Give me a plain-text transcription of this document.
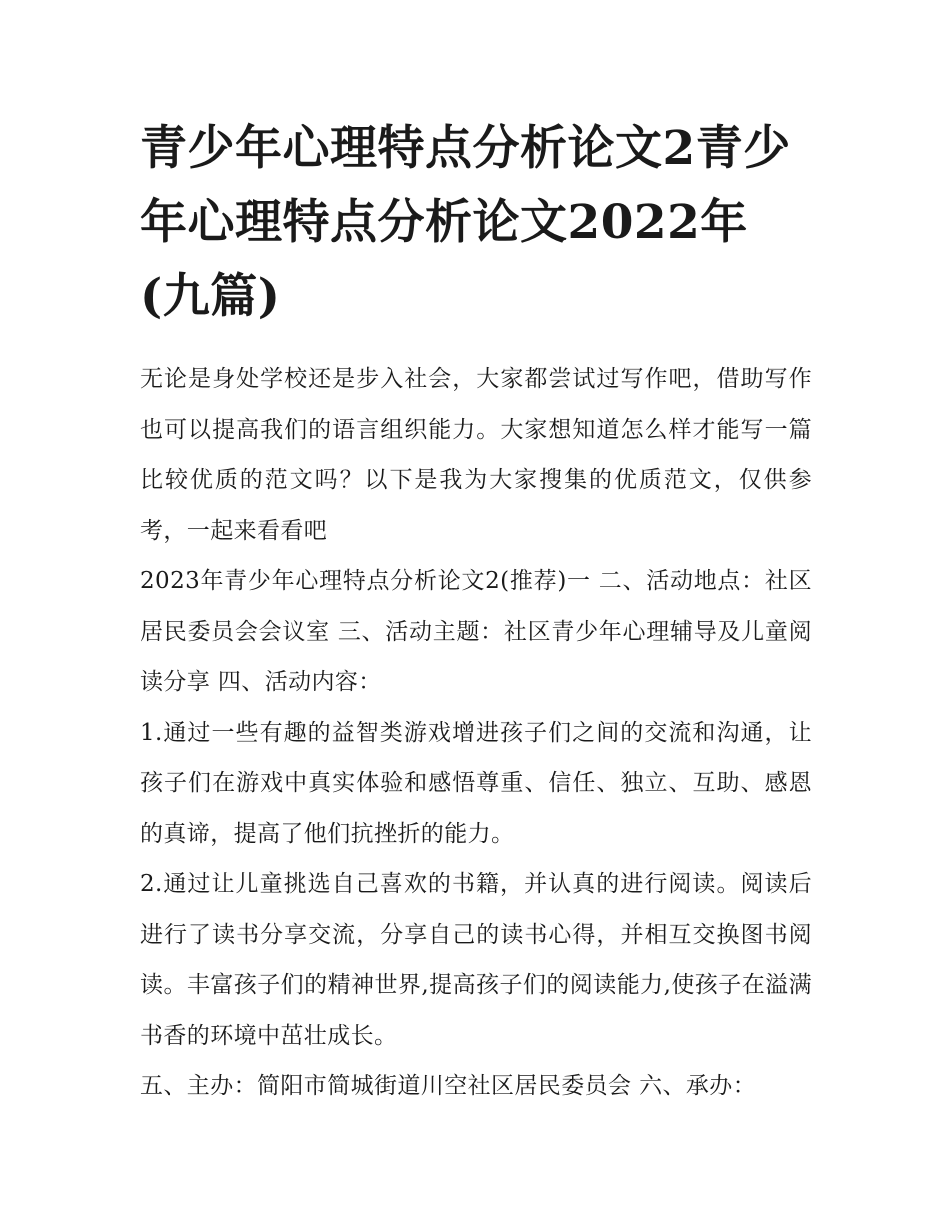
青少年心理特点分析论文2青少年心理特点分析论文2022年(九篇)

无论是身处学校还是步入社会，大家都尝试过写作吧，借助写作也可以提高我们的语言组织能力。大家想知道怎么样才能写一篇比较优质的范文吗？以下是我为大家搜集的优质范文，仅供参考，一起来看看吧

2023年青少年心理特点分析论文2(推荐)一 二、活动地点：社区居民委员会会议室 三、活动主题：社区青少年心理辅导及儿童阅读分享 四、活动内容：

1.通过一些有趣的益智类游戏增进孩子们之间的交流和沟通，让孩子们在游戏中真实体验和感悟尊重、信任、独立、互助、感恩的真谛，提高了他们抗挫折的能力。

2.通过让儿童挑选自己喜欢的书籍，并认真的进行阅读。阅读后进行了读书分享交流，分享自己的读书心得，并相互交换图书阅读。丰富孩子们的精神世界,提高孩子们的阅读能力,使孩子在溢满书香的环境中茁壮成长。

五、主办：简阳市简城街道川空社区居民委员会 六、承办：
